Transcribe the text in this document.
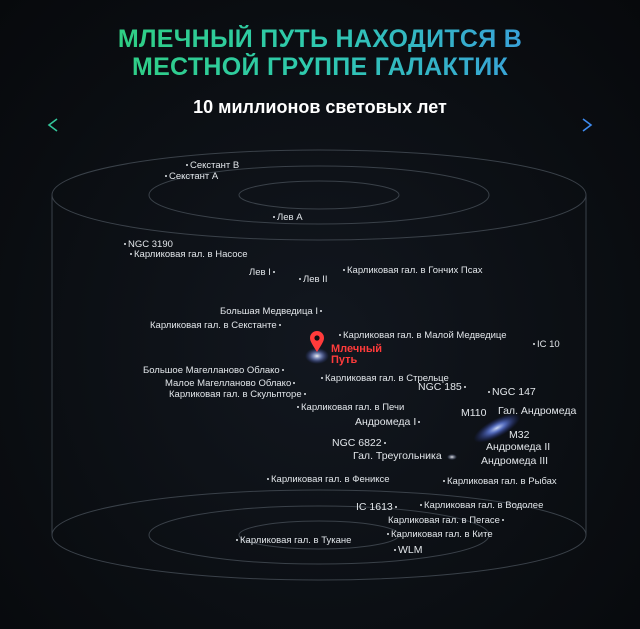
МЛЕЧНЫЙ ПУТЬ НАХОДИТСЯ В
МЕСТНОЙ ГРУППЕ ГАЛАКТИК
10 миллионов световых лет
Млечный
Путь
Секстант B
Секстант А
Лев А
NGC 3190
Карликовая гал. в Насосе
Лев I
Лев II
Карликовая гал. в Гончих Псах
Большая Медведица I
Карликовая гал. в Секстанте
Карликовая гал. в Малой Медведице
IC 10
Большое Магелланово Облако
Карликовая гал. в Стрельце
Малое Магелланово Облако	NGC 185	NGC 147
Карликовая гал. в Скульпторе
Карликовая гал. в Печи	M110 Гал. Андромеда
Андромеда I
M32
NGC 6822	Андромеда II
Гал. Треугольника	Андромеда III
Карликовая гал. в Фениксе	Карликовая гал. в Рыбах
IC 1613	Карликовая гал. в Водолее
Карликовая гал. в Пегасе
Карликовая гал. в Ките
Карликовая гал. в Тукане
WLM
